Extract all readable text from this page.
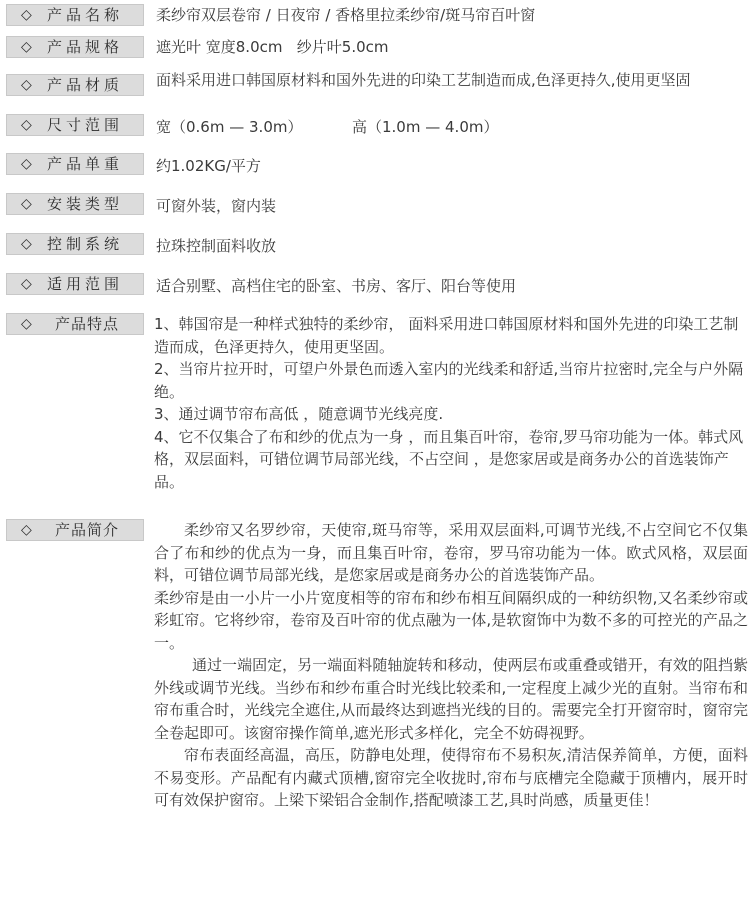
◇ 产品名称 柔纱帘双层卷帘 / 日夜帘 / 香格里拉柔纱帘/斑马帘百叶窗
◇ 产品规格 遮光叶 宽度8.0cm   纱片叶5.0cm
◇ 产品材质 面料采用进口韩国原材料和国外先进的印染工艺制造而成,色泽更持久,使用更坚固
◇ 尺寸范围 宽（0.6m — 3.0m）	高（1.0m — 4.0m）
◇ 产品单重 约1.02KG/平方
◇ 安装类型 可窗外装，窗内装
◇ 控制系统 拉珠控制面料收放
◇ 适用范围 适合别墅、高档住宅的卧室、书房、客厅、阳台等使用
◇ 产品特点 1、韩国帘是一种样式独特的柔纱帘， 面料采用进口韩国原材料和国外先进的印染工艺制造而成，色泽更持久，使用更坚固。

2、当帘片拉开时，可望户外景色而透入室内的光线柔和舒适,当帘片拉密时,完全与户外隔绝。

3、通过调节帘布高低 ，随意调节光线亮度.

4、它不仅集合了布和纱的优点为一身 ，而且集百叶帘，卷帘,罗马帘功能为一体。韩式风格，双层面料，可错位调节局部光线，不占空间 ，是您家居或是商务办公的首选装饰产品。

◇ 产品简介	柔纱帘又名罗纱帘，天使帘,斑马帘等，采用双层面料,可调节光线,不占空间它不仅集合了布和纱的优点为一身，而且集百叶帘，卷帘，罗马帘功能为一体。欧式风格，双层面料，可错位调节局部光线，是您家居或是商务办公的首选装饰产品。

柔纱帘是由一小片一小片宽度相等的帘布和纱布相互间隔织成的一种纺织物,又名柔纱帘或彩虹帘。它将纱帘，卷帘及百叶帘的优点融为一体,是软窗饰中为数不多的可控光的产品之一。

通过一端固定，另一端面料随轴旋转和移动，使两层布或重叠或错开，有效的阻挡紫外线或调节光线。当纱布和纱布重合时光线比较柔和,一定程度上减少光的直射。当帘布和帘布重合时，光线完全遮住,从而最终达到遮挡光线的目的。需要完全打开窗帘时，窗帘完全卷起即可。该窗帘操作简单,遮光形式多样化，完全不妨碍视野。

帘布表面经高温，高压，防静电处理，使得帘布不易积灰,清洁保养简单，方便，面料不易变形。产品配有内藏式顶槽,窗帘完全收拢时,帘布与底槽完全隐藏于顶槽内，展开时可有效保护窗帘。上梁下梁铝合金制作,搭配喷漆工艺,具时尚感，质量更佳！
